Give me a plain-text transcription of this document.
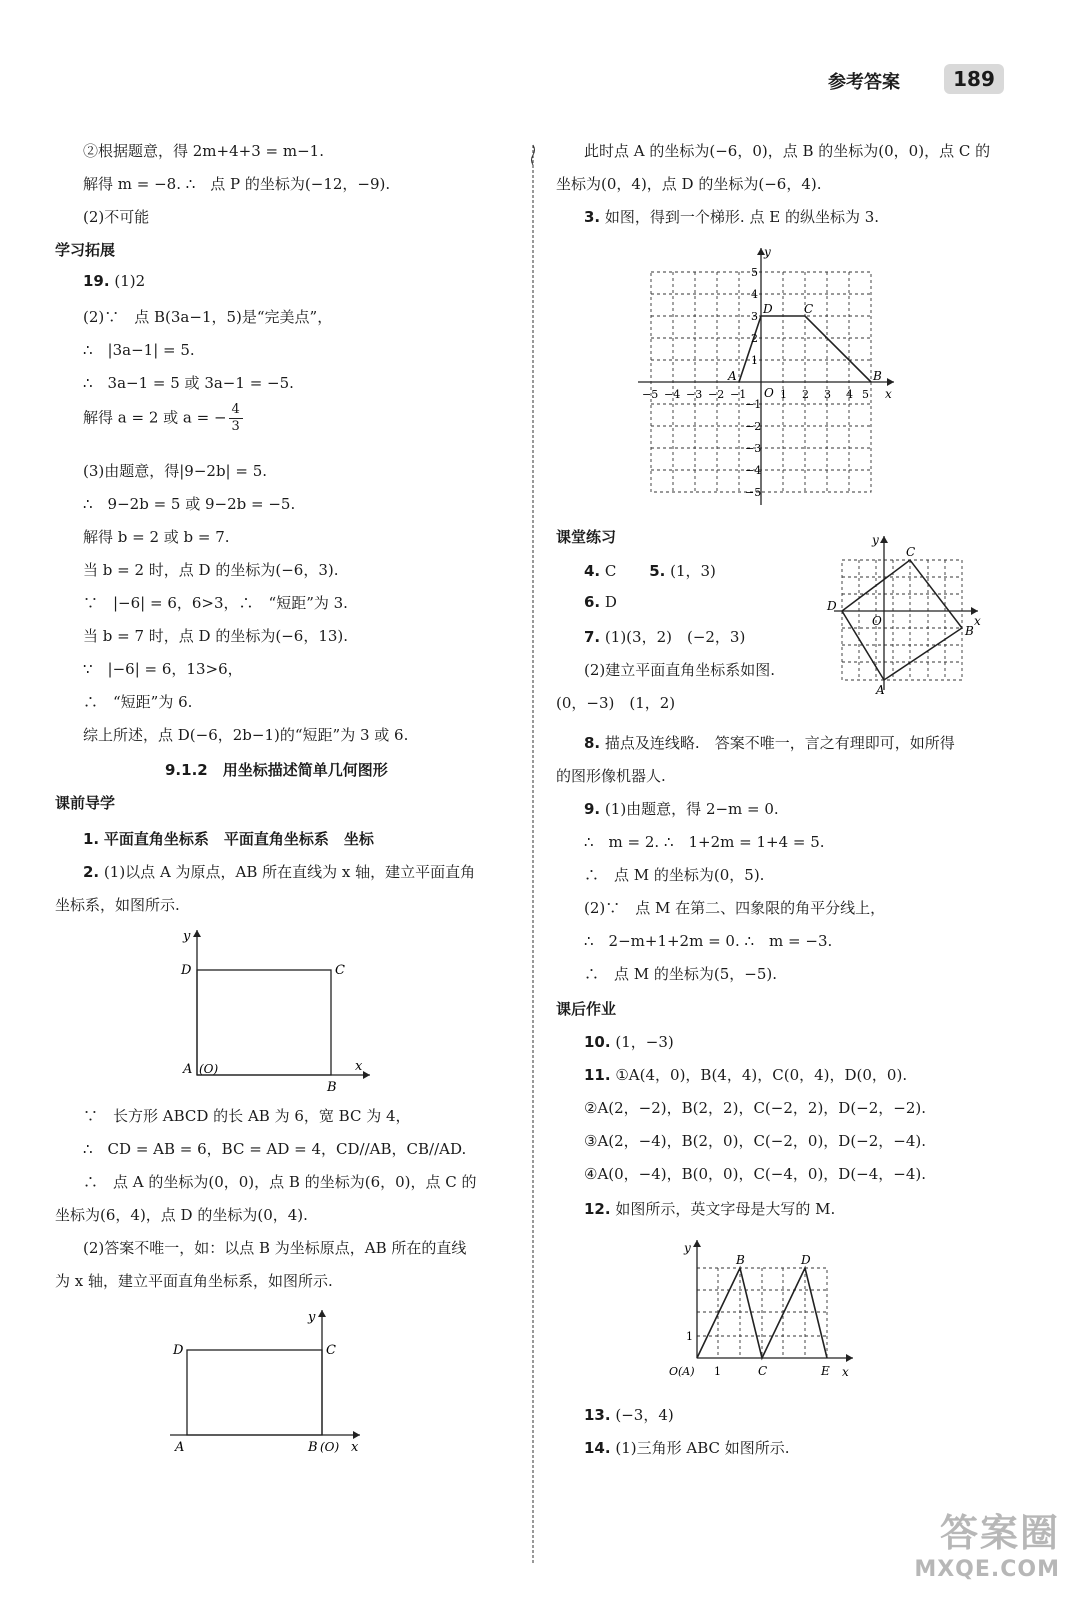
参考答案	189
②根据题意，得 2m+4+3 = m−1.
解得 m = −8. ∴　点 P 的坐标为(−12，−9).
(2)不可能
学习拓展
19. (1)2
(2)∵　点 B(3a−1，5)是“完美点”，
∴　|3a−1| = 5.
∴　3a−1 = 5 或 3a−1 = −5.
解得 a = 2 或 a = − $\frac{4}{3}$
(3)由题意，得|9−2b| = 5.
∴　9−2b = 5 或 9−2b = −5.
解得 b = 2 或 b = 7.
当 b = 2 时，点 D 的坐标为(−6，3).
∵　|−6| = 6，6>3，∴　“短距”为 3.
当 b = 7 时，点 D 的坐标为(−6，13).
∵　|−6| = 6，13>6，
∴　“短距”为 6.
综上所述，点 D(−6，2b−1)的“短距”为 3 或 6.
9.1.2　用坐标描述简单几何图形
课前导学
1. 平面直角坐标系　平面直角坐标系　坐标
2. (1)以点 A 为原点，AB 所在直线为 x 轴，建立平面直角
坐标系，如图所示.
y
x
D	C
A (O)
B
∵　长方形 ABCD 的长 AB 为 6，宽 BC 为 4，
∴　CD = AB = 6，BC = AD = 4，CD//AB，CB//AD.
∴　点 A 的坐标为(0，0)，点 B 的坐标为(6，0)，点 C 的
坐标为(6，4)，点 D 的坐标为(0，4).
(2)答案不唯一，如：以点 B 为坐标原点，AB 所在的直线
为 x 轴，建立平面直角坐标系，如图所示.
y
x
D	C
A	B (O)
此时点 A 的坐标为(−6，0)，点 B 的坐标为(0，0)，点 C 的
坐标为(0，4)，点 D 的坐标为(−6，4).
3. 如图，得到一个梯形. 点 E 的纵坐标为 3.
y
x
O
A	B
C
D
−5 −4 −3 −2 −1	1 2 3 4 5
5
4
3
2
1
−1
−2
−3
−4
−5
课堂练习
4. C 5. (1，3)
6. D
7. (1)(3，2)　(−2，3)
(2)建立平面直角坐标系如图.
(0，−3)　(1，2)
y
x
O
A
B
C
D
8. 描点及连线略.　答案不唯一，言之有理即可，如所得
的图形像机器人.
9. (1)由题意，得 2−m = 0.
∴　m = 2. ∴　1+2m = 1+4 = 5.
∴　点 M 的坐标为(0，5).
(2)∵　点 M 在第二、四象限的角平分线上，
∴　2−m+1+2m = 0. ∴　m = −3.
∴　点 M 的坐标为(5，−5).
课后作业
10. (1，−3)
11. ①A(4，0)，B(4，4)，C(0，4)，D(0，0).
②A(2，−2)，B(2，2)，C(−2，2)，D(−2，−2).
③A(2，−4)，B(2，0)，C(−2，0)，D(−2，−4).
④A(0，−4)，B(0，0)，C(−4，0)，D(−4，−4).
12. 如图所示，英文字母是大写的 M.
y
x
O(A) 1
1
B
C
D
E
13. (−3，4)
14. (1)三角形 ABC 如图所示.
答案圈
MXQE.COM
